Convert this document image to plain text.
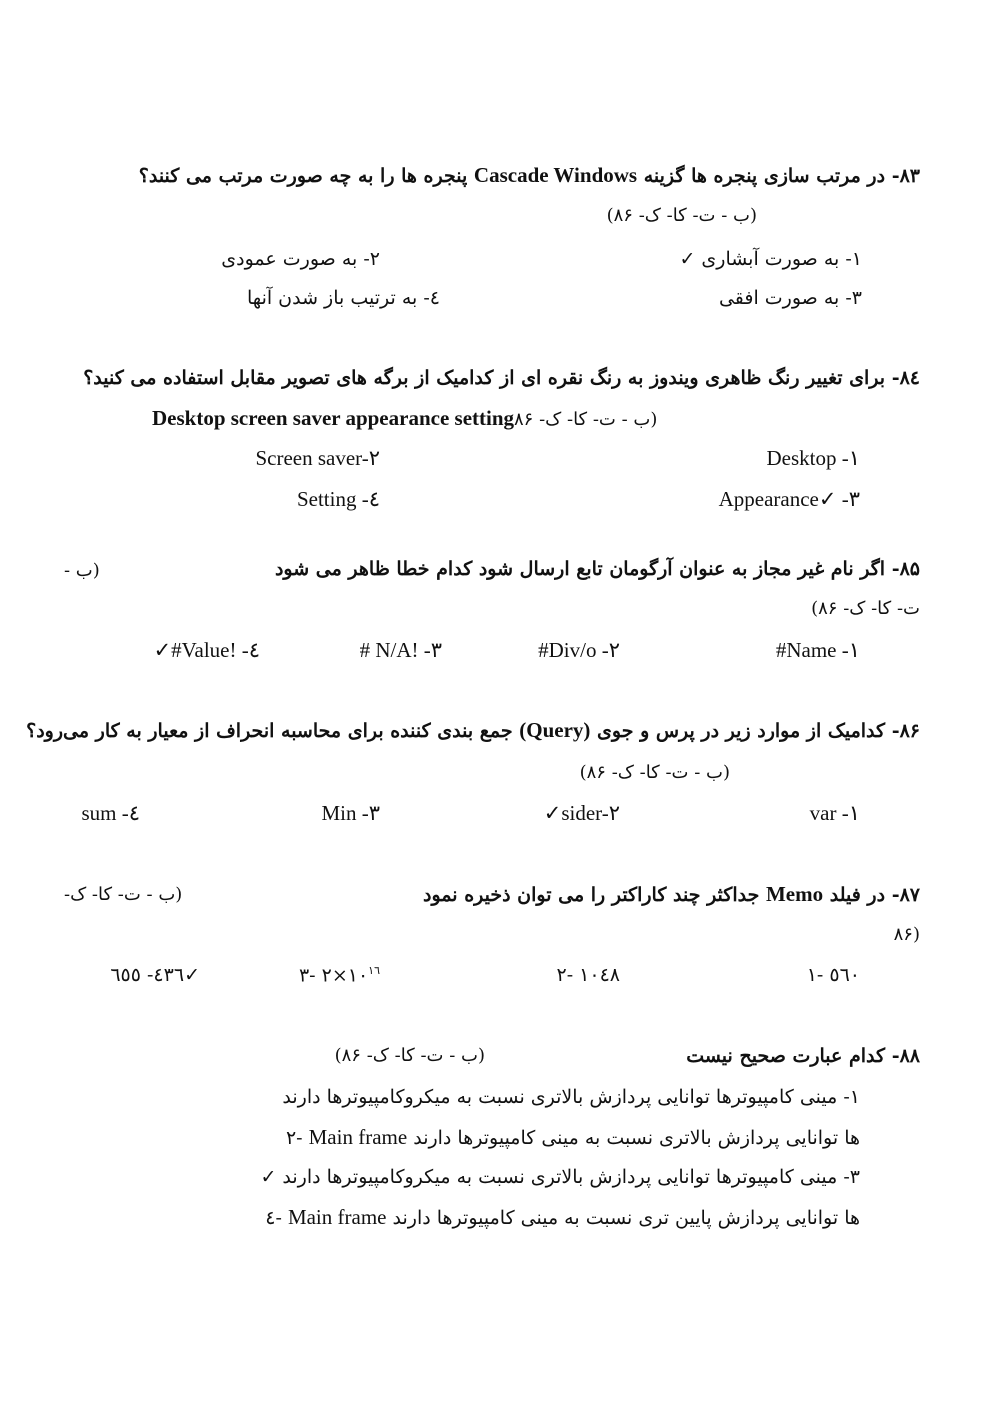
۸۳- در مرتب سازی پنجره ها گزینه Cascade Windows پنجره ها را به چه صورت مرتب می کنند؟
(ب - ت- کا- ک- ۸۶)
۱- به صورت آبشاری ✓
۲- به صورت عمودی
۳- به صورت افقی
٤- به ترتیب باز شدن آنها
۸٤- برای تغییر رنگ ظاهری ویندوز به رنگ نقره ای از کدامیک از برگه های تصویر مقابل استفاده می کنید؟
Desktop screen saver appearance setting(ب - ت- کا- ک- ۸۶
Desktop -۱
Screen saver-۲
Appearance✓ -۳
Setting -٤
۸۵- اگر نام غیر مجاز به عنوان آرگومان تابع ارسال شود کدام خطا ظاهر می شود
(ب -
ت- کا- ک- ۸۶)
#Name -۱
#Div/o -۲
# N/A! -۳
✓#Value! -٤
۸۶- کدامیک از موارد زیر در پرس و جوی (Query) جمع بندی کننده برای محاسبه انحراف از معیار به کار می‌رود؟
(ب - ت- کا- ک- ۸۶)
var -۱
✓sider-۲
Min -۳
sum -٤
۸۷- در فیلد Memo جداکثر چند کاراکتر را می توان ذخیره نمود
(ب - ت- کا- ک-
۸۶)
۱- ٥٦٠
۲- ۱۰٤۸
۳- $۲\times ۱۰^{۱٦}$
٤- ٦٥٥۳٦✓
۸۸- کدام عبارت صحیح نیست
(ب - ت- کا- ک- ۸۶)
۱- مینی کامپیوترها توانایی پردازش بالاتری نسبت به میکروکامپیوترها دارند
۲- Main frame ها توانایی پردازش بالاتری نسبت به مینی کامپیوترها دارند
۳- مینی کامپیوترها توانایی پردازش بالاتری نسبت به میکروکامپیوترها دارند ✓
٤- Main frame ها توانایی پردازش پایین تری نسبت به مینی کامپیوترها دارند
